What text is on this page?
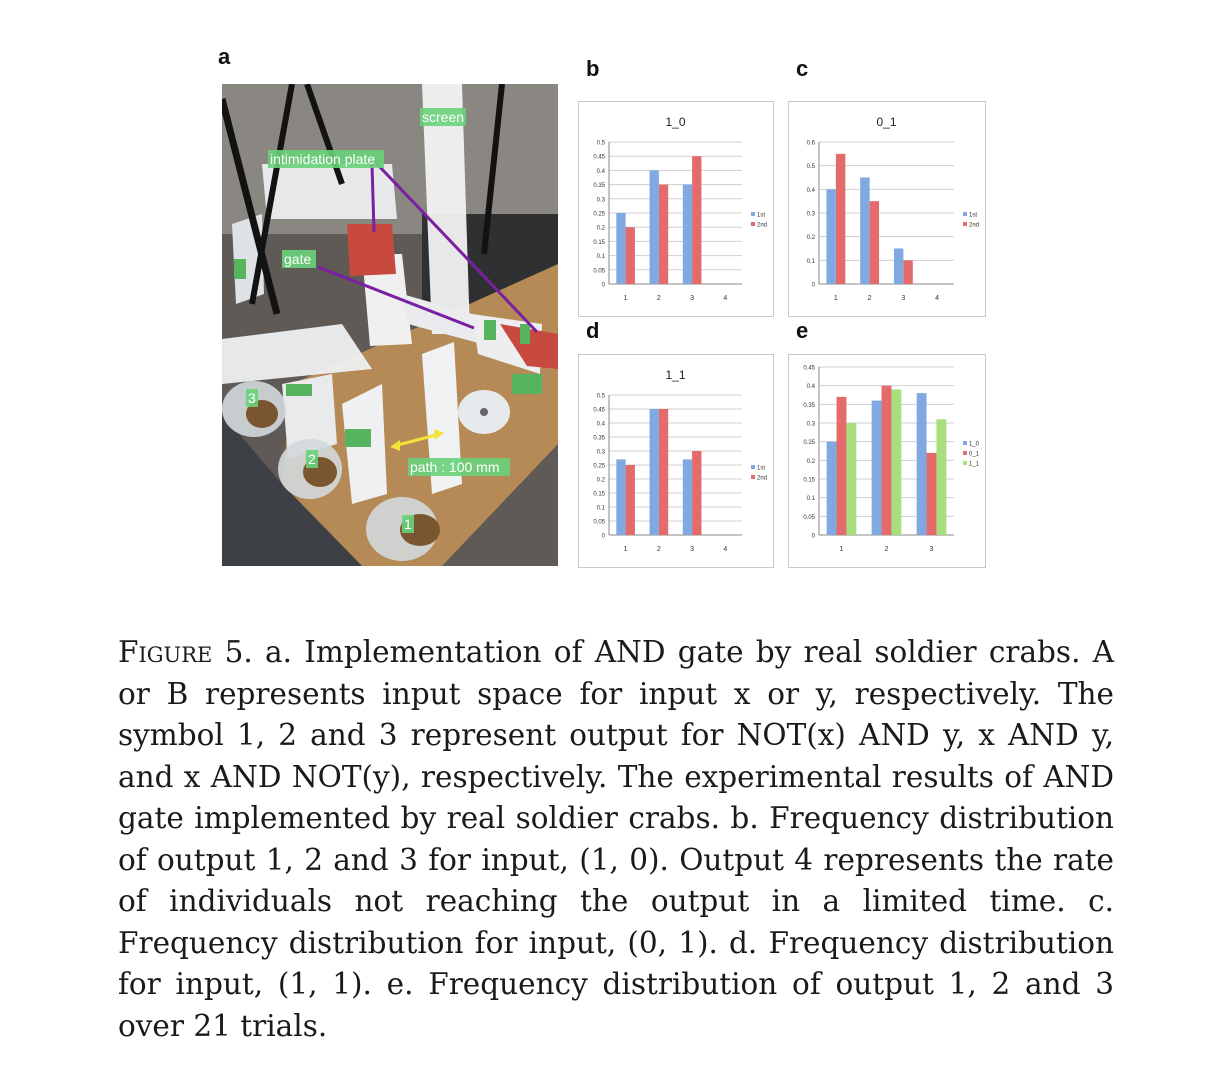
a	b	c
d	e
screen
intimidation plate
gate
path : 100 mm
3
2
1
1_0
0
0.05
0.1
0.15
0.2
0.25
0.3
0.35
0.4
0.45
0.5
1	2	3	4
1st
2nd
0_1
0
0.1
0.2
0.3
0.4
0.5
0.6
1	2	3	4
1st
2nd
1_1
0
0.05
0.1
0.15
0.2
0.25
0.3
0.35
0.4
0.45
0.5
1	2	3	4
1st
2nd
0
0.05
0.1
0.15
0.2
0.25
0.3
0.35
0.4
0.45
1	2	3
1_0
0_1
1_1

Figure 5. a. Implementation of AND gate by real soldier crabs. A or B represents input space for input x or y, respectively. The symbol 1, 2 and 3 represent output for NOT(x) AND y, x AND y, and x AND NOT(y), respectively. The experimental results of AND gate implemented by real soldier crabs. b. Frequency distribution of output 1, 2 and 3 for input, (1, 0). Output 4 represents the rate of individuals not reaching the output in a limited time. c. Frequency distribution for input, (0, 1). d. Frequency distribution for input, (1, 1). e. Frequency distribution of output 1, 2 and 3 over 21 trials.
